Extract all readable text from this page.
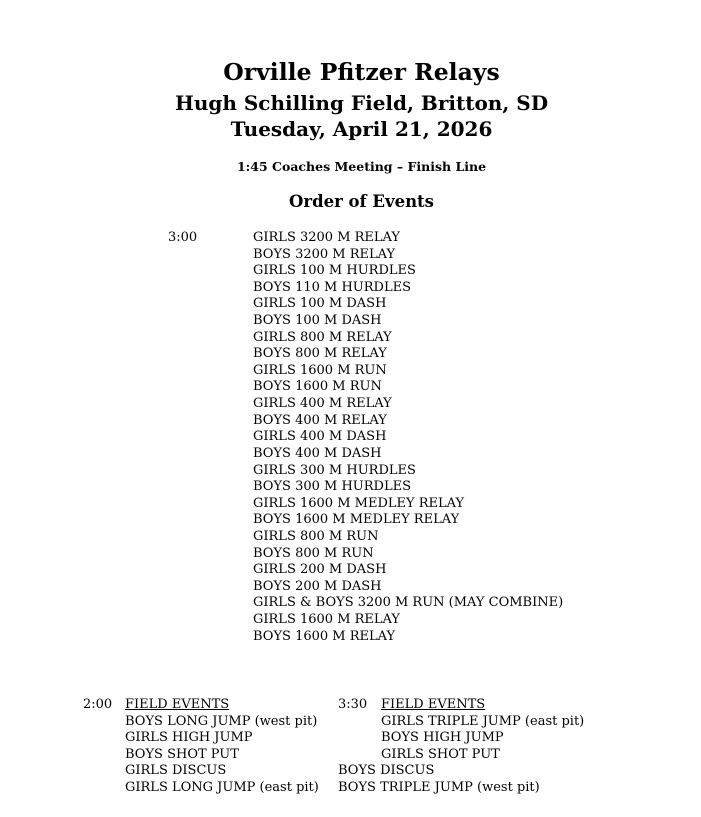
Orville Pfitzer Relays
Hugh Schilling Field, Britton, SD
Tuesday, April 21, 2026
1:45 Coaches Meeting – Finish Line
Order of Events
3:00	GIRLS 3200 M RELAY
BOYS 3200 M RELAY
GIRLS 100 M HURDLES
BOYS 110 M HURDLES
GIRLS 100 M DASH
BOYS 100 M DASH
GIRLS 800 M RELAY
BOYS 800 M RELAY
GIRLS 1600 M RUN
BOYS 1600 M RUN
GIRLS 400 M RELAY
BOYS 400 M RELAY
GIRLS 400 M DASH
BOYS 400 M DASH
GIRLS 300 M HURDLES
BOYS 300 M HURDLES
GIRLS 1600 M MEDLEY RELAY
BOYS 1600 M MEDLEY RELAY
GIRLS 800 M RUN
BOYS 800 M RUN
GIRLS 200 M DASH
BOYS 200 M DASH
GIRLS & BOYS 3200 M RUN (MAY COMBINE)
GIRLS 1600 M RELAY
BOYS 1600 M RELAY
2:00 FIELD EVENTS
BOYS LONG JUMP (west pit)
GIRLS HIGH JUMP
BOYS SHOT PUT
GIRLS DISCUS
GIRLS LONG JUMP (east pit)
3:30 FIELD EVENTS
GIRLS TRIPLE JUMP (east pit)
BOYS HIGH JUMP
GIRLS SHOT PUT
BOYS DISCUS
BOYS TRIPLE JUMP (west pit)
